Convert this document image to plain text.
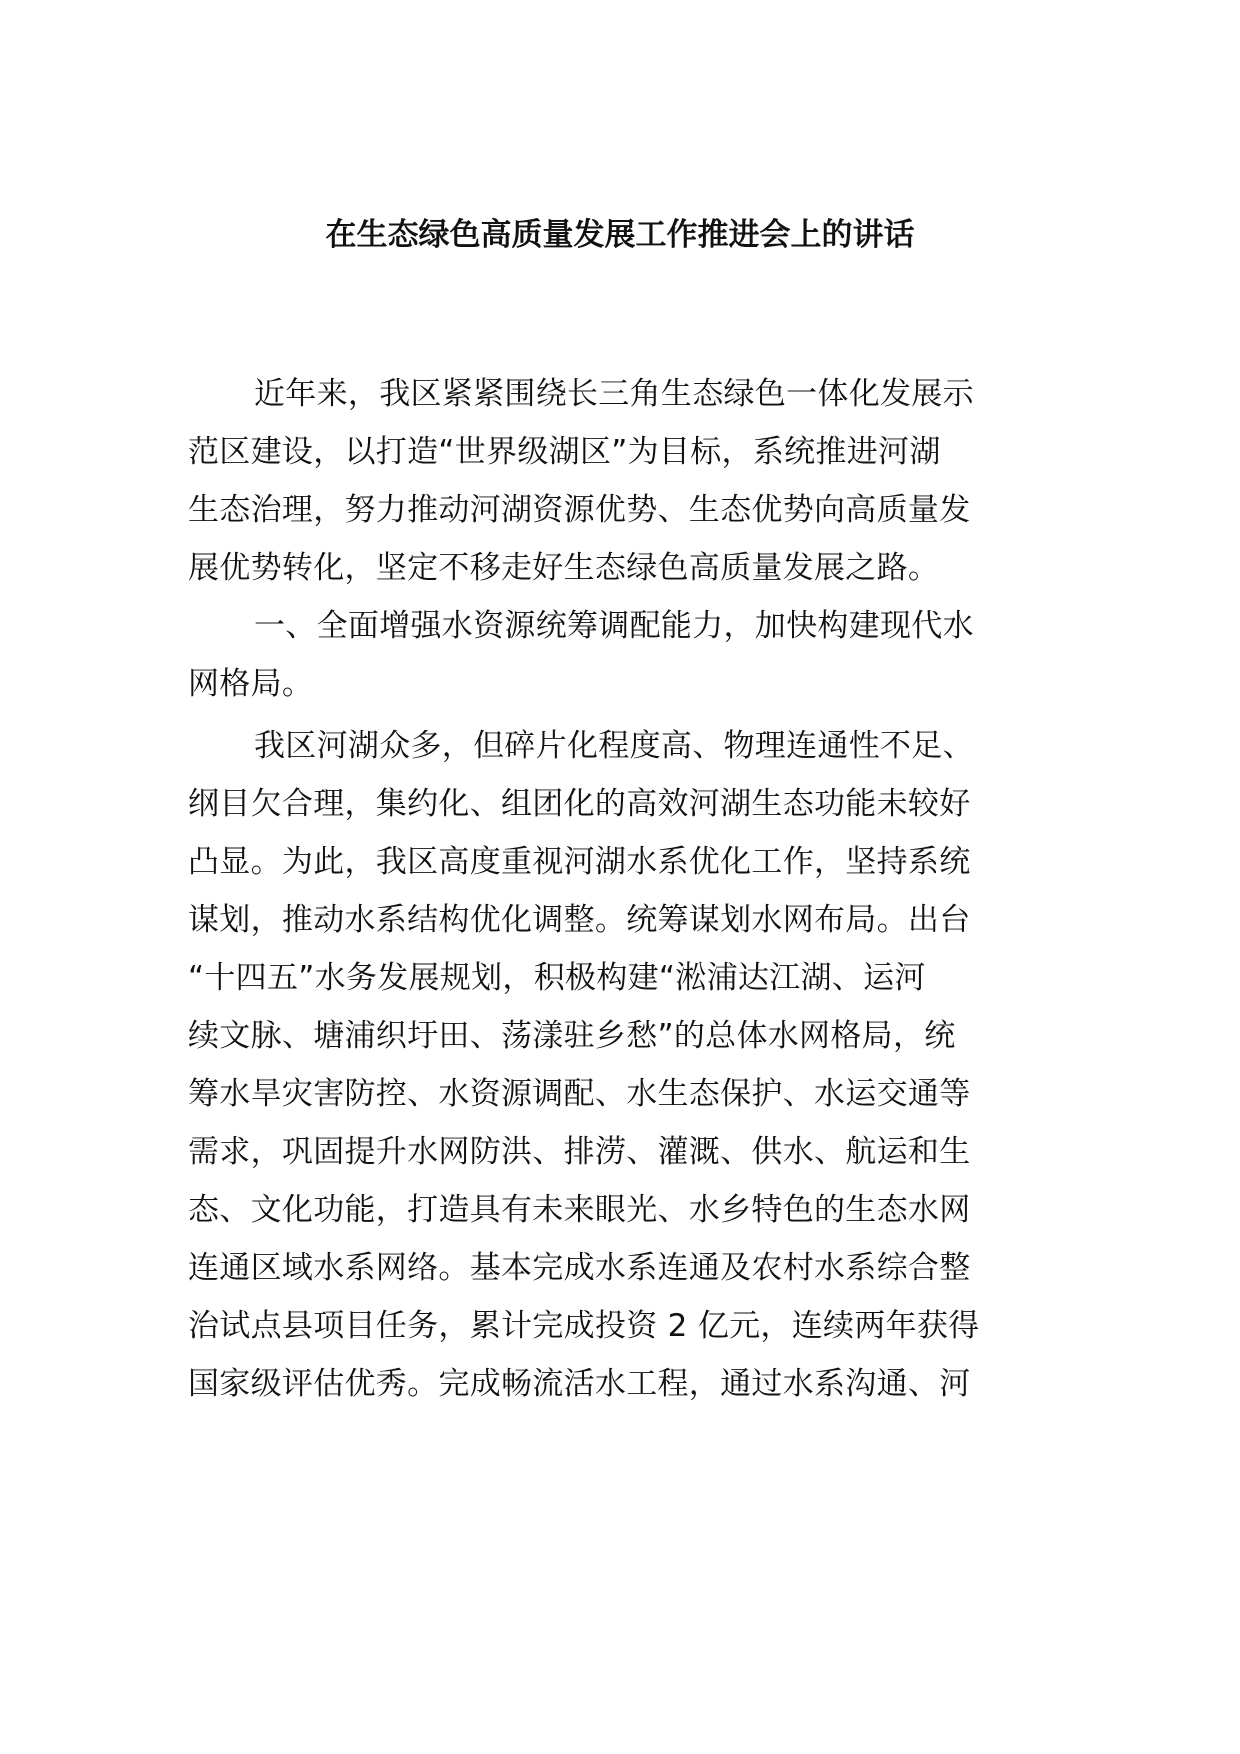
在生态绿色高质量发展工作推进会上的讲话
近年来，我区紧紧围绕长三角生态绿色一体化发展示
范区建设，以打造“世界级湖区”为目标，系统推进河湖
生态治理，努力推动河湖资源优势、生态优势向高质量发
展优势转化，坚定不移走好生态绿色高质量发展之路。
一、全面增强水资源统筹调配能力，加快构建现代水
网格局。
我区河湖众多，但碎片化程度高、物理连通性不足、
纲目欠合理，集约化、组团化的高效河湖生态功能未较好
凸显。为此，我区高度重视河湖水系优化工作，坚持系统
谋划，推动水系结构优化调整。统筹谋划水网布局。出台
“十四五”水务发展规划，积极构建“淞浦达江湖、运河
续文脉、塘浦织圩田、荡漾驻乡愁”的总体水网格局，统
筹水旱灾害防控、水资源调配、水生态保护、水运交通等
需求，巩固提升水网防洪、排涝、灌溉、供水、航运和生
态、文化功能，打造具有未来眼光、水乡特色的生态水网
连通区域水系网络。基本完成水系连通及农村水系综合整
治试点县项目任务，累计完成投资 2 亿元，连续两年获得
国家级评估优秀。完成畅流活水工程，通过水系沟通、河
